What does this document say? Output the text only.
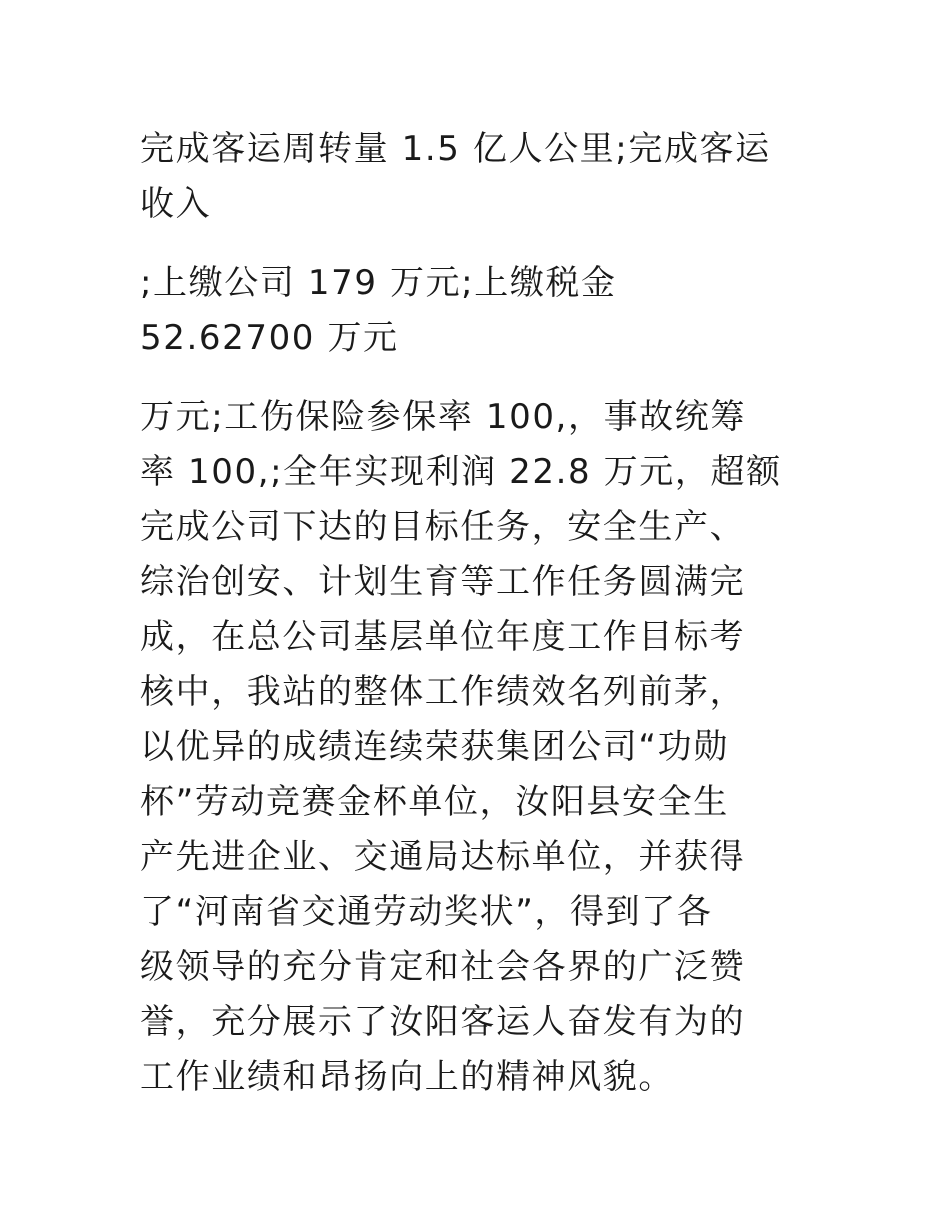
完成客运周转量 1.5 亿人公里;完成客运
收入

;上缴公司 179 万元;上缴税金
52.62700 万元

万元;工伤保险参保率 100,，事故统筹
率 100,;全年实现利润 22.8 万元，超额
完成公司下达的目标任务，安全生产、
综治创安、计划生育等工作任务圆满完
成，在总公司基层单位年度工作目标考
核中，我站的整体工作绩效名列前茅，
以优异的成绩连续荣获集团公司“功勋
杯”劳动竞赛金杯单位，汝阳县安全生
产先进企业、交通局达标单位，并获得
了“河南省交通劳动奖状”，得到了各
级领导的充分肯定和社会各界的广泛赞
誉，充分展示了汝阳客运人奋发有为的
工作业绩和昂扬向上的精神风貌。
